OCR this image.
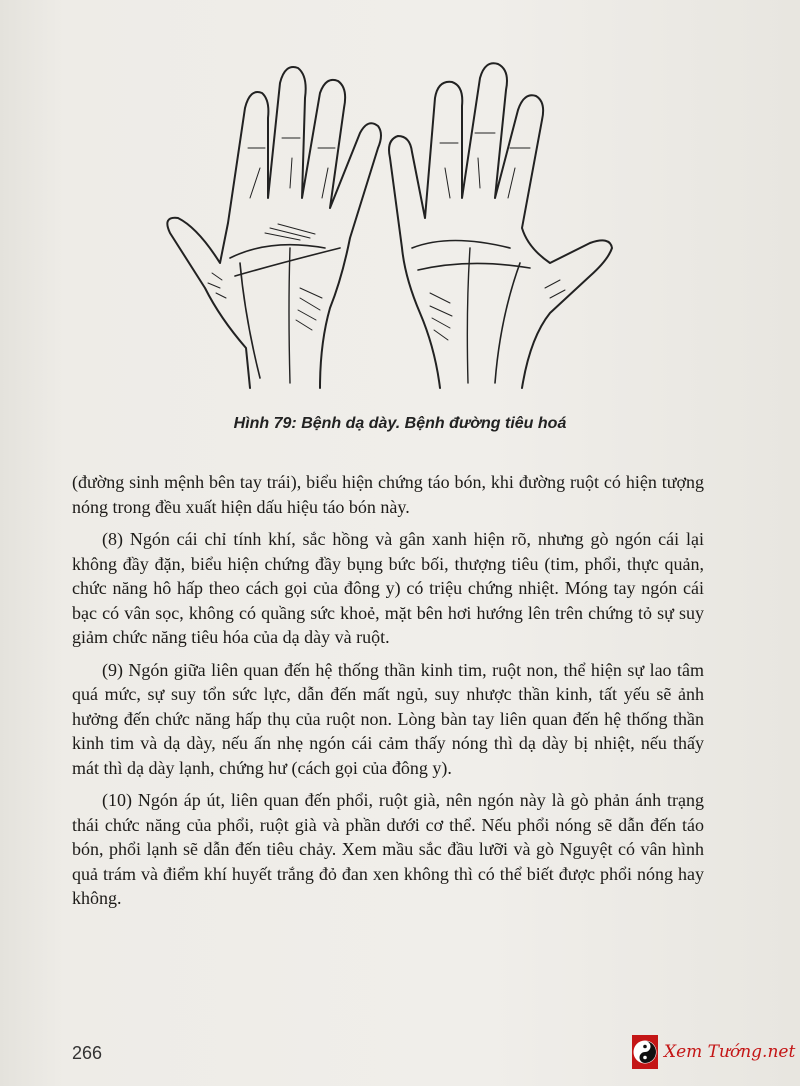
Hình 79: Bệnh dạ dày. Bệnh đường tiêu hoá

(đường sinh mệnh bên tay trái), biểu hiện chứng táo bón, khi đường ruột có hiện tượng nóng trong đều xuất hiện dấu hiệu táo bón này.

(8) Ngón cái chỉ tính khí, sắc hồng và gân xanh hiện rõ, nhưng gò ngón cái lại không đầy đặn, biểu hiện chứng đầy bụng bức bối, thượng tiêu (tim, phổi, thực quản, chức năng hô hấp theo cách gọi của đông y) có triệu chứng nhiệt. Móng tay ngón cái bạc có vân sọc, không có quầng sức khoẻ, mặt bên hơi hướng lên trên chứng tỏ sự suy giảm chức năng tiêu hóa của dạ dày và ruột.

(9) Ngón giữa liên quan đến hệ thống thần kinh tim, ruột non, thể hiện sự lao tâm quá mức, sự suy tổn sức lực, dẫn đến mất ngủ, suy nhược thần kinh, tất yếu sẽ ảnh hưởng đến chức năng hấp thụ của ruột non. Lòng bàn tay liên quan đến hệ thống thần kinh tim và dạ dày, nếu ấn nhẹ ngón cái cảm thấy nóng thì dạ dày bị nhiệt, nếu thấy mát thì dạ dày lạnh, chứng hư (cách gọi của đông y).

(10) Ngón áp út, liên quan đến phổi, ruột già, nên ngón này là gò phản ánh trạng thái chức năng của phổi, ruột già và phần dưới cơ thể. Nếu phổi nóng sẽ dẫn đến táo bón, phổi lạnh sẽ dẫn đến tiêu chảy. Xem mầu sắc đầu lưỡi và gò Nguyệt có vân hình quả trám và điểm khí huyết trắng đỏ đan xen không thì có thể biết được phổi nóng hay không.

266	Xem Tướng.net
